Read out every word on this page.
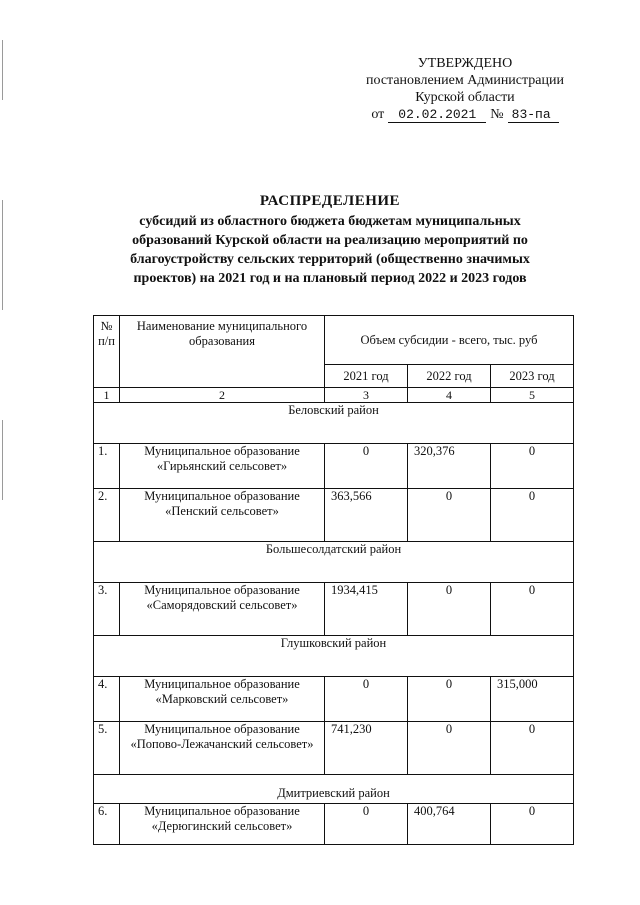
УТВЕРЖДЕНО
постановлением Администрации
Курской области
от	02.02.2021	№ 83-па
РАСПРЕДЕЛЕНИЕ
субсидий из областного бюджета бюджетам муниципальных
образований Курской области на реализацию мероприятий по
благоустройству сельских территорий (общественно значимых
проектов) на 2021 год и на плановый период 2022 и 2023 годов
№ п/п	Наименование муниципального образования	Объем субсидии - всего, тыс. руб		
		2021 год	2022 год	2023 год
1	2	3	4	5
Беловский район				
1.	Муниципальное образование
«Гирьянский сельсовет»	0	320,376	0
2.	Муниципальное образование
«Пенский сельсовет»	363,566	0	0
Большесолдатский район				
3.	Муниципальное образование
«Саморядовский сельсовет»	1934,415	0	0
Глушковский район				
4.	Муниципальное образование
«Марковский сельсовет»	0	0	315,000
5.	Муниципальное образование
«Попово-Лежачанский сельсовет»	741,230	0	0
Дмитриевский район				
6.	Муниципальное образование
«Дерюгинский сельсовет»	0	400,764	0
